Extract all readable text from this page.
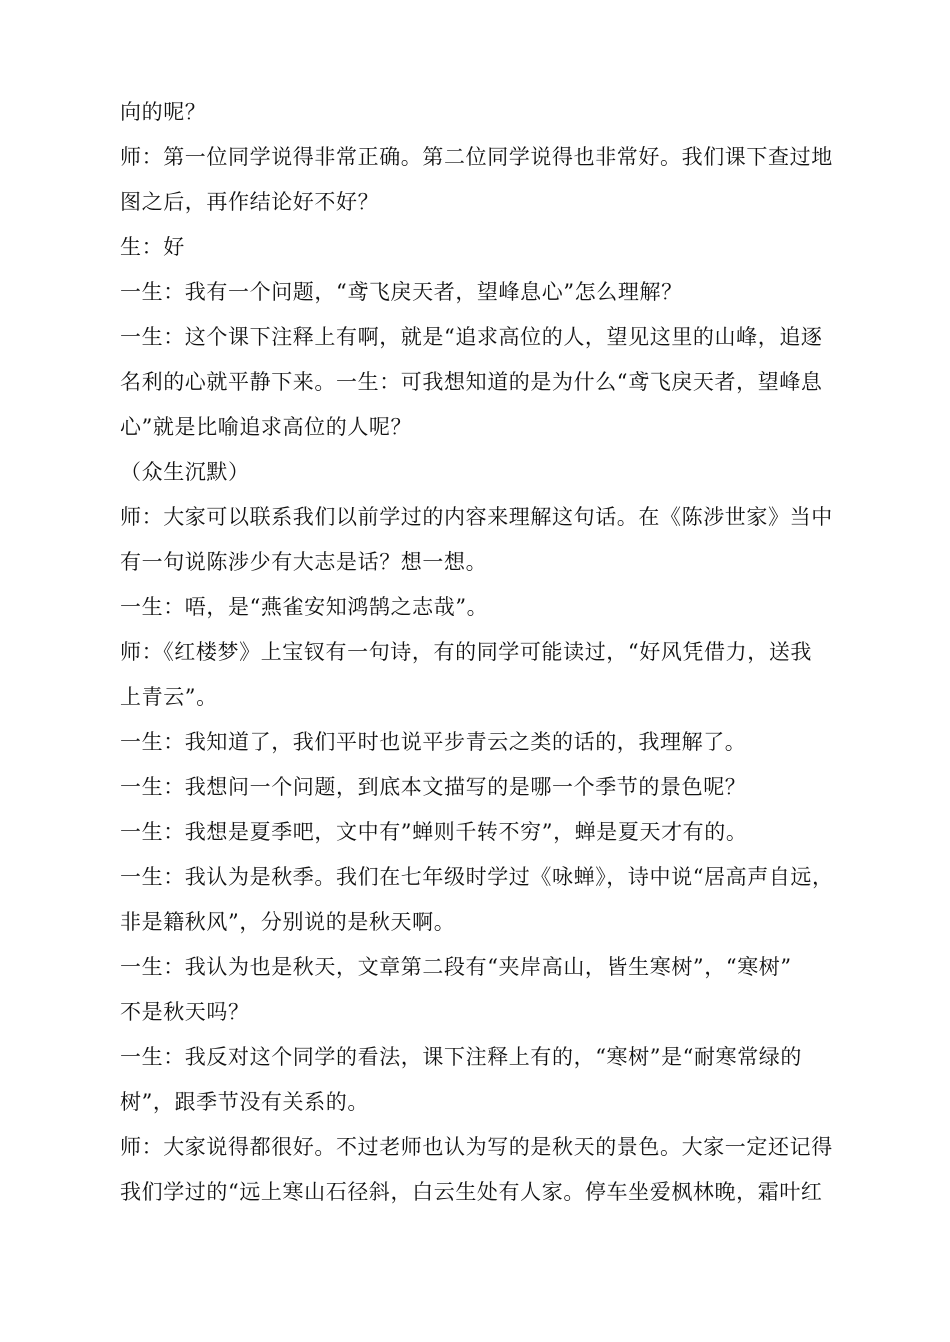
向的呢？
师：第一位同学说得非常正确。第二位同学说得也非常好。我们课下查过地
图之后，再作结论好不好？
生：好
一生：我有一个问题，“鸢飞戾天者，望峰息心”怎么理解？
一生：这个课下注释上有啊，就是“追求高位的人，望见这里的山峰，追逐
名利的心就平静下来。一生：可我想知道的是为什么“鸢飞戾天者，望峰息
心”就是比喻追求高位的人呢？
（众生沉默）
师：大家可以联系我们以前学过的内容来理解这句话。在《陈涉世家》当中
有一句说陈涉少有大志是话？想一想。
一生：唔，是“燕雀安知鸿鹄之志哉”。
师：《红楼梦》上宝钗有一句诗，有的同学可能读过，“好风凭借力，送我
上青云”。
一生：我知道了，我们平时也说平步青云之类的话的，我理解了。
一生：我想问一个问题，到底本文描写的是哪一个季节的景色呢？
一生：我想是夏季吧，文中有”蝉则千转不穷”，蝉是夏天才有的。
一生：我认为是秋季。我们在七年级时学过《咏蝉》，诗中说“居高声自远，
非是籍秋风”，分别说的是秋天啊。
一生：我认为也是秋天，文章第二段有“夹岸高山，皆生寒树”，“寒树”
不是秋天吗？
一生：我反对这个同学的看法，课下注释上有的，“寒树”是“耐寒常绿的
树”，跟季节没有关系的。
师：大家说得都很好。不过老师也认为写的是秋天的景色。大家一定还记得
我们学过的“远上寒山石径斜，白云生处有人家。停车坐爱枫林晚，霜叶红
